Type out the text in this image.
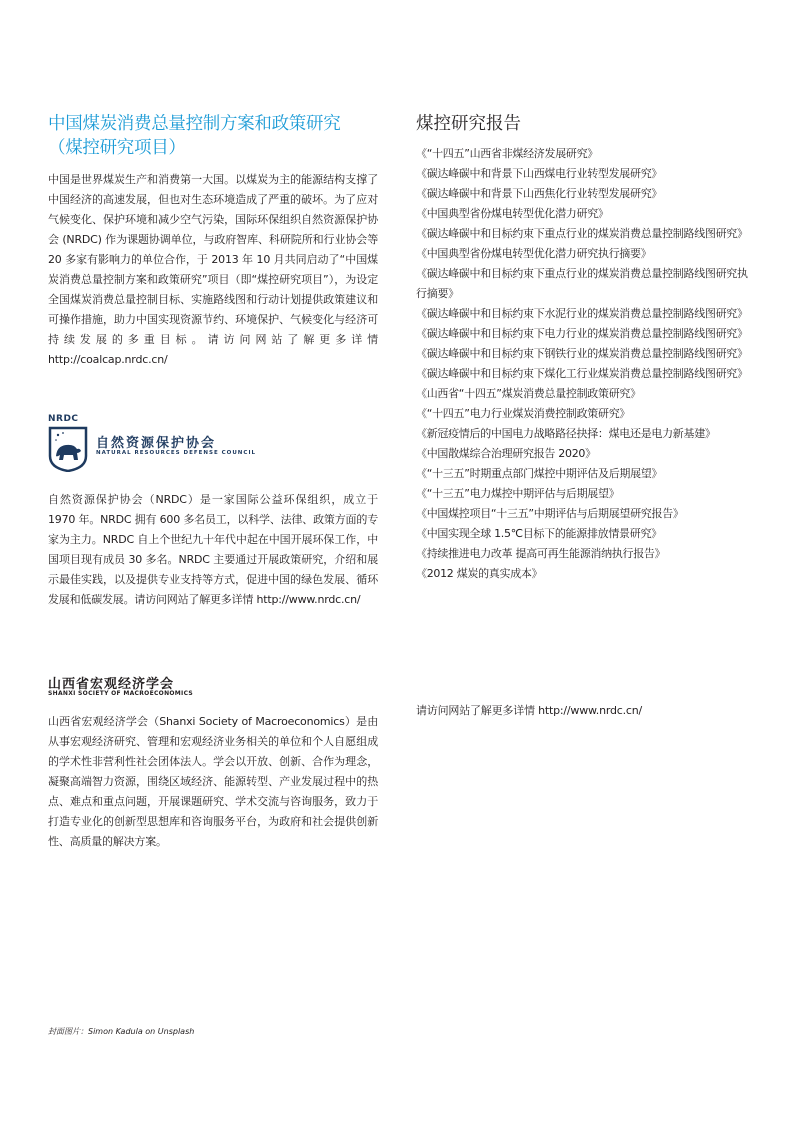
中国煤炭消费总量控制方案和政策研究
（煤控研究项目）

中国是世界煤炭生产和消费第一大国。以煤炭为主的能源结构支撑了中国经济的高速发展，但也对生态环境造成了严重的破坏。为了应对气候变化、保护环境和减少空气污染，国际环保组织自然资源保护协会 (NRDC) 作为课题协调单位，与政府智库、科研院所和行业协会等 20 多家有影响力的单位合作，于 2013 年 10 月共同启动了“中国煤炭消费总量控制方案和政策研究”项目（即“煤控研究项目”），为设定全国煤炭消费总量控制目标、实施路线图和行动计划提供政策建议和可操作措施，助力中国实现资源节约、环境保护、气候变化与经济可持续发展的多重目标。请访问网站了解更多详情 http://coalcap.nrdc.cn/

NRDC
自然资源保护协会
NATURAL RESOURCES DEFENSE COUNCIL

自然资源保护协会（NRDC）是一家国际公益环保组织，成立于 1970 年。NRDC 拥有 600 多名员工，以科学、法律、政策方面的专家为主力。NRDC 自上个世纪九十年代中起在中国开展环保工作，中国项目现有成员 30 多名。NRDC 主要通过开展政策研究，介绍和展示最佳实践，以及提供专业支持等方式，促进中国的绿色发展、循环发展和低碳发展。请访问网站了解更多详情 http://www.nrdc.cn/

山西省宏观经济学会
SHANXI SOCIETY OF MACROECONOMICS

山西省宏观经济学会（Shanxi Society of Macroeconomics）是由从事宏观经济研究、管理和宏观经济业务相关的单位和个人自愿组成的学术性非营利性社会团体法人。学会以开放、创新、合作为理念，凝聚高端智力资源，围绕区域经济、能源转型、产业发展过程中的热点、难点和重点问题，开展课题研究、学术交流与咨询服务，致力于打造专业化的创新型思想库和咨询服务平台，为政府和社会提供创新性、高质量的解决方案。

煤控研究报告
《“十四五”山西省非煤经济发展研究》
《碳达峰碳中和背景下山西煤电行业转型发展研究》
《碳达峰碳中和背景下山西焦化行业转型发展研究》
《中国典型省份煤电转型优化潜力研究》
《碳达峰碳中和目标约束下重点行业的煤炭消费总量控制路线图研究》
《中国典型省份煤电转型优化潜力研究执行摘要》
《碳达峰碳中和目标约束下重点行业的煤炭消费总量控制路线图研究执行摘要》
《碳达峰碳中和目标约束下水泥行业的煤炭消费总量控制路线图研究》
《碳达峰碳中和目标约束下电力行业的煤炭消费总量控制路线图研究》
《碳达峰碳中和目标约束下钢铁行业的煤炭消费总量控制路线图研究》
《碳达峰碳中和目标约束下煤化工行业煤炭消费总量控制路线图研究》
《山西省“十四五”煤炭消费总量控制政策研究》
《“十四五”电力行业煤炭消费控制政策研究》
《新冠疫情后的中国电力战略路径抉择：煤电还是电力新基建》
《中国散煤综合治理研究报告 2020》
《“十三五”时期重点部门煤控中期评估及后期展望》
《“十三五”电力煤控中期评估与后期展望》
《中国煤控项目“十三五”中期评估与后期展望研究报告》
《中国实现全球 1.5℃目标下的能源排放情景研究》
《持续推进电力改革 提高可再生能源消纳执行报告》
《2012 煤炭的真实成本》
请访问网站了解更多详情 http://www.nrdc.cn/
封面图片：Simon Kadula on Unsplash
